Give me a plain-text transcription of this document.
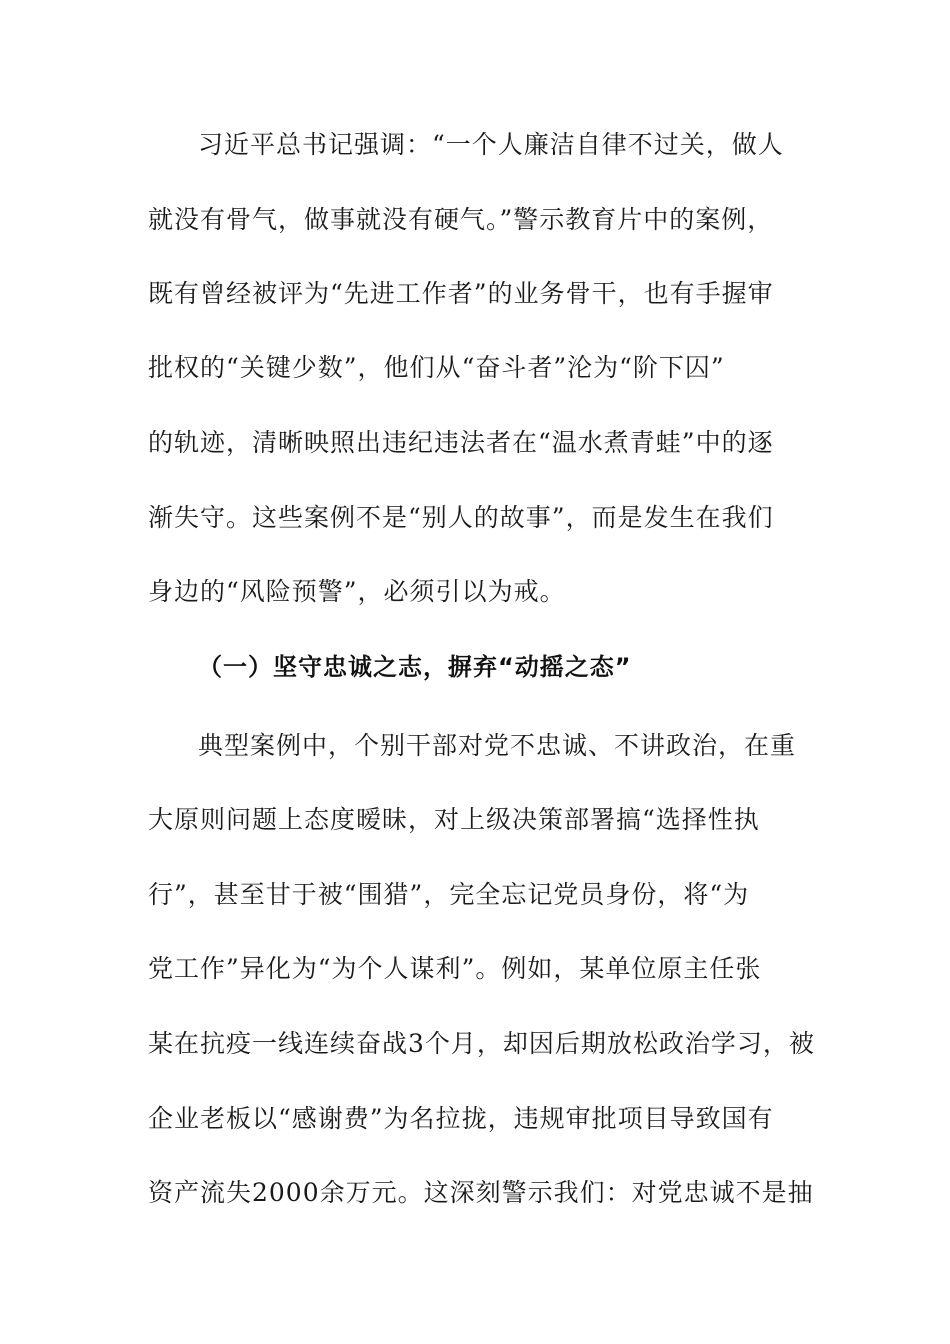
习近平总书记强调：“一个人廉洁自律不过关，做人
就没有骨气，做事就没有硬气。”警示教育片中的案例，
既有曾经被评为“先进工作者”的业务骨干，也有手握审
批权的“关键少数”，他们从“奋斗者”沦为“阶下囚”
的轨迹，清晰映照出违纪违法者在“温水煮青蛙”中的逐
渐失守。这些案例不是“别人的故事”，而是发生在我们
身边的“风险预警”，必须引以为戒。
（一）坚守忠诚之志，摒弃“动摇之态”
典型案例中，个别干部对党不忠诚、不讲政治，在重
大原则问题上态度暧昧，对上级决策部署搞“选择性执
行”，甚至甘于被“围猎”，完全忘记党员身份，将“为
党工作”异化为“为个人谋利”。例如，某单位原主任张
某在抗疫一线连续奋战3个月，却因后期放松政治学习，被
企业老板以“感谢费”为名拉拢，违规审批项目导致国有
资产流失2000余万元。这深刻警示我们：对党忠诚不是抽
